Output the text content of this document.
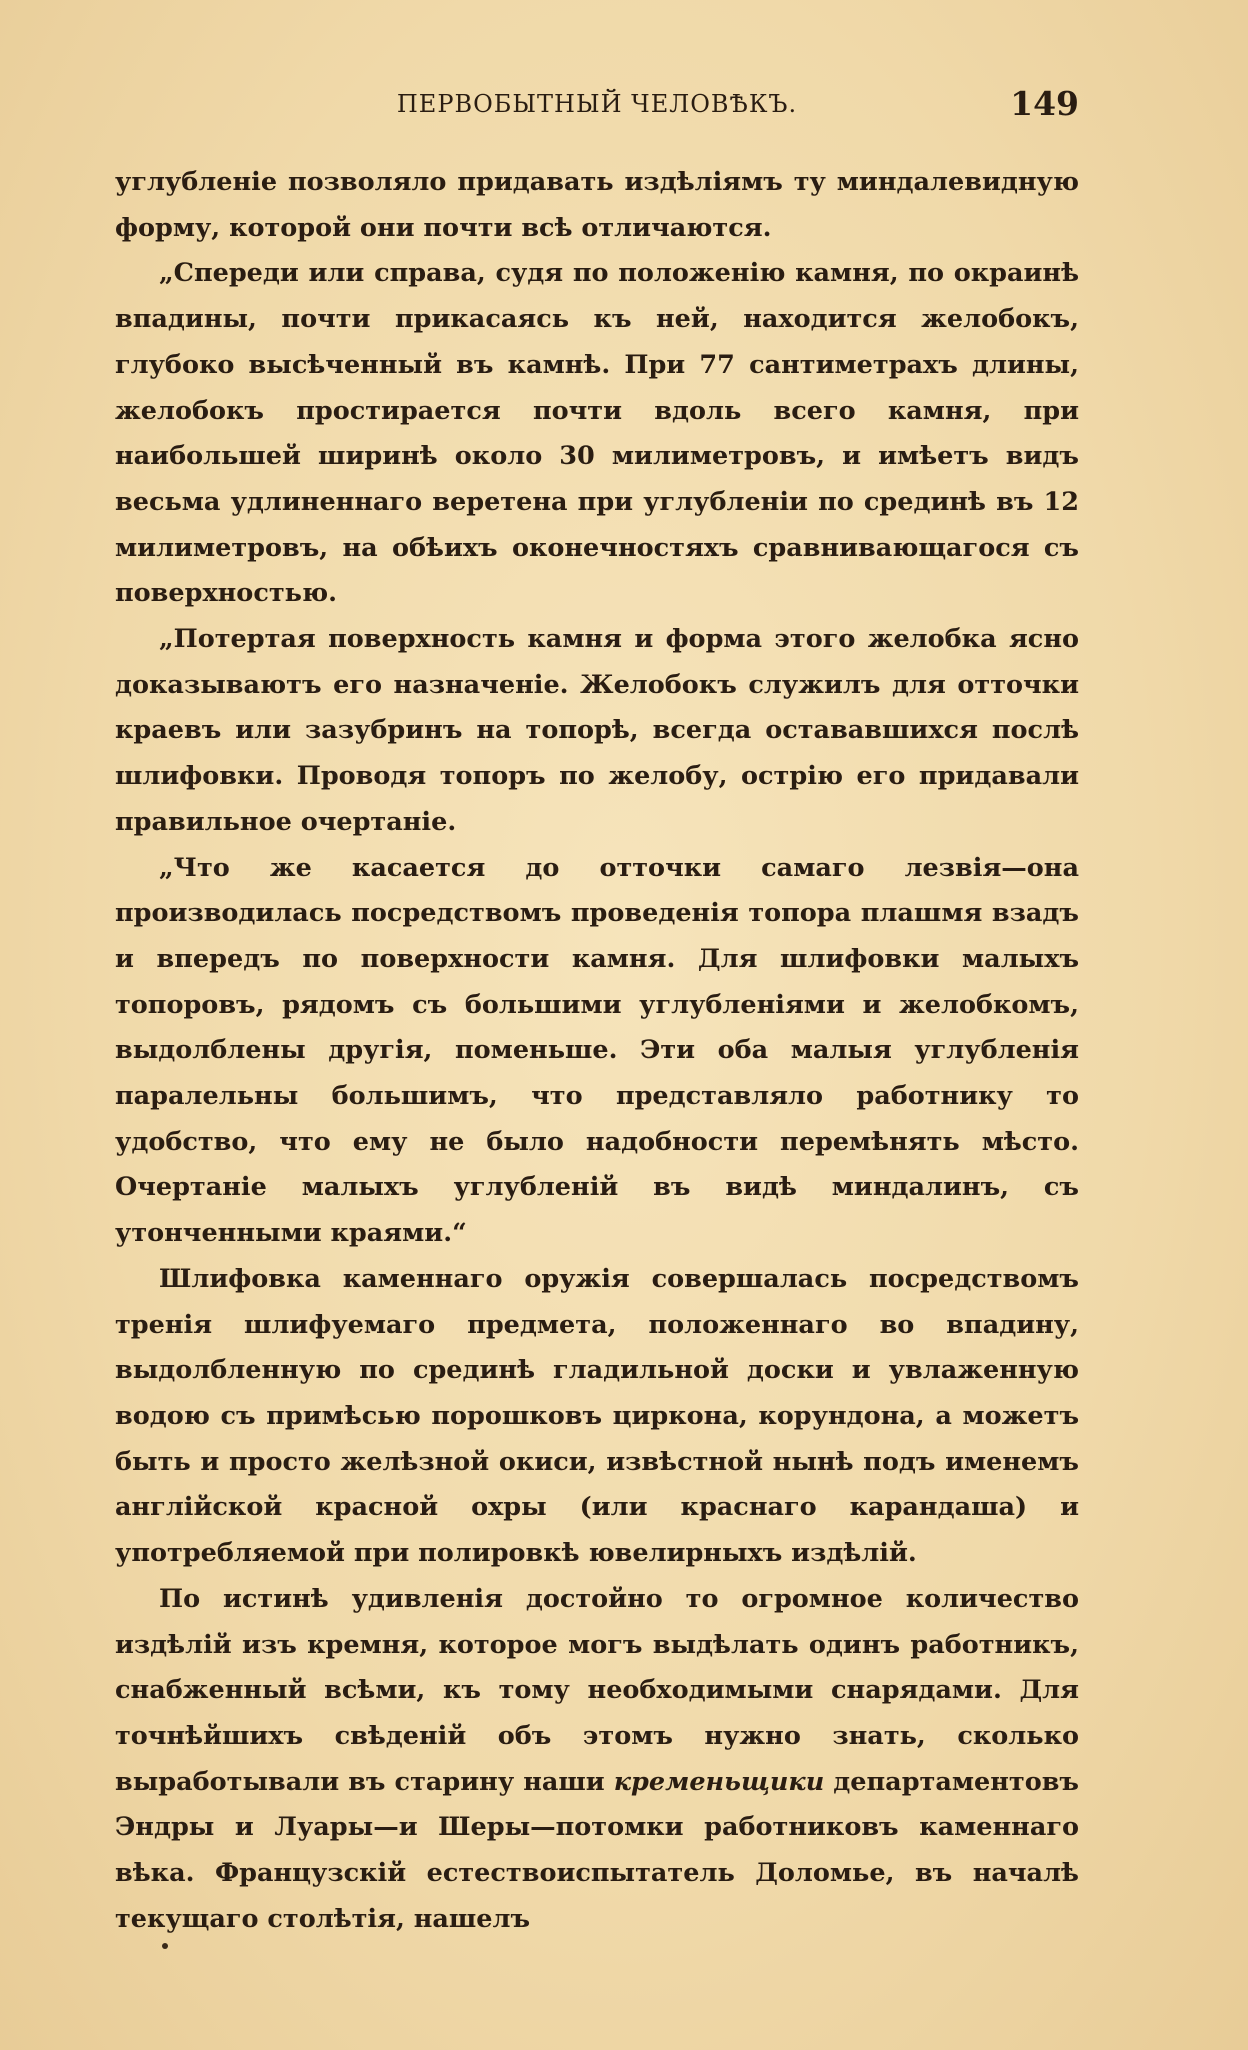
ПЕРВОБЫТНЫЙ ЧЕЛОВѢКЪ.	149

углубленіе позволяло придавать издѣліямъ ту миндалевидную форму, которой они почти всѣ отличаются.

„Спереди или справа, судя по положенію камня, по окраинѣ впадины, почти прикасаясь къ ней, находится желобокъ, глубоко высѣченный въ камнѣ. При 77 сантиметрахъ длины, желобокъ простирается почти вдоль всего камня, при наибольшей ширинѣ около 30 милиметровъ, и имѣетъ видъ весьма удлиненнаго веретена при углубленіи по срединѣ въ 12 милиметровъ, на обѣихъ оконечностяхъ сравнивающагося съ поверхностью.

„Потертая поверхность камня и форма этого желобка ясно доказываютъ его назначеніе. Желобокъ служилъ для отточки краевъ или зазубринъ на топорѣ, всегда остававшихся послѣ шлифовки. Проводя топоръ по желобу, острію его придавали правильное очертаніе.

„Что же касается до отточки самаго лезвія—она производилась посредствомъ проведенія топора плашмя взадъ и впередъ по поверхности камня. Для шлифовки малыхъ топоровъ, рядомъ съ большими углубленіями и желобкомъ, выдолблены другія, поменьше. Эти оба малыя углубленія паралельны большимъ, что представляло работнику то удобство, что ему не было надобности перемѣнять мѣсто. Очертаніе малыхъ углубленій въ видѣ миндалинъ, съ утонченными краями.“

Шлифовка каменнаго оружія совершалась посредствомъ тренія шлифуемаго предмета, положеннаго во впадину, выдолбленную по срединѣ гладильной доски и увлаженную водою съ примѣсью порошковъ циркона, корундона, а можетъ быть и просто желѣзной окиси, извѣстной нынѣ подъ именемъ англійской красной охры (или краснаго карандаша) и употребляемой при полировкѣ ювелирныхъ издѣлій.

По истинѣ удивленія достойно то огромное количество издѣлій изъ кремня, которое могъ выдѣлать одинъ работникъ, снабженный всѣми, къ тому необходимыми снарядами. Для точнѣйшихъ свѣденій объ этомъ нужно знать, сколько выработывали въ старину наши кременьщики департаментовъ Эндры и Луары—и Шеры—потомки работниковъ каменнаго вѣка. Французскій естествоиспытатель Доломье, въ началѣ текущаго столѣтія, нашелъ
